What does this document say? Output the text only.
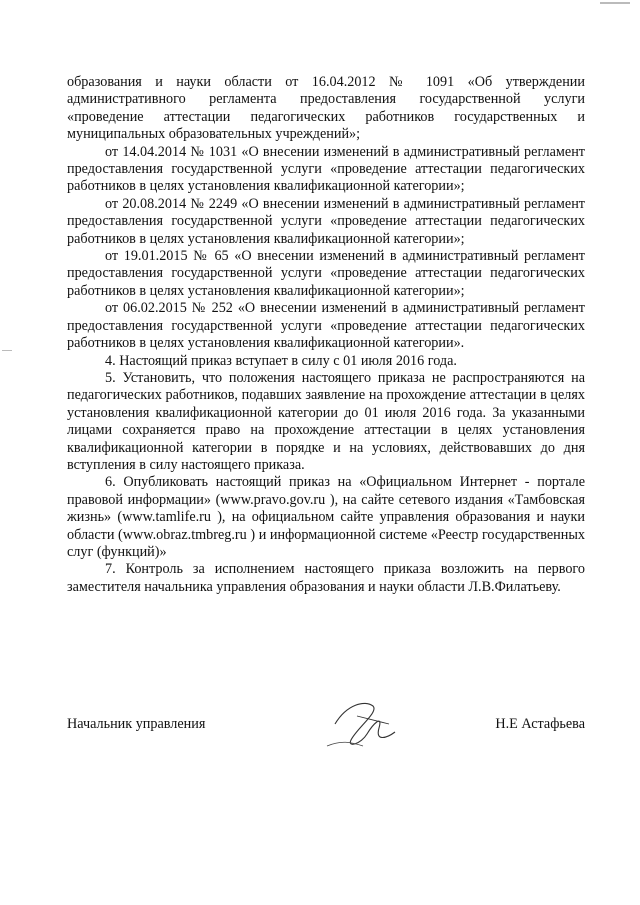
образования и науки области от 16.04.2012 № 1091 «Об утверждении административного регламента предоставления государственной услуги «проведение аттестации педагогических работников государственных и муниципальных образовательных учреждений»;

от 14.04.2014 № 1031 «О внесении изменений в административный регламент предоставления государственной услуги «проведение аттестации педагогических работников в целях установления квалификационной категории»;

от 20.08.2014 № 2249 «О внесении изменений в административный регламент предоставления государственной услуги «проведение аттестации педагогических работников в целях установления квалификационной категории»;

от 19.01.2015 № 65 «О внесении изменений в административный регламент предоставления государственной услуги «проведение аттестации педагогических работников в целях установления квалификационной категории»;

от 06.02.2015 № 252 «О внесении изменений в административный регламент предоставления государственной услуги «проведение аттестации педагогических работников в целях установления квалификационной категории».

4. Настоящий приказ вступает в силу с 01 июля 2016 года.

5. Установить, что положения настоящего приказа не распространяются на педагогических работников, подавших заявление на прохождение аттестации в целях установления квалификационной категории до 01 июля 2016 года. За указанными лицами сохраняется право на прохождение аттестации в целях установления квалификационной категории в порядке и на условиях, действовавших до дня вступления в силу настоящего приказа.

6. Опубликовать настоящий приказ на «Официальном Интернет - портале правовой информации» (www.pravo.gov.ru ), на сайте сетевого издания «Тамбовская жизнь» (www.tamlife.ru ), на официальном сайте управления образования и науки области (www.obraz.tmbreg.ru ) и информационной системе «Реестр государственных слуг (функций)»

7. Контроль за исполнением настоящего приказа возложить на первого заместителя начальника управления образования и науки области Л.В.Филатьеву.

Начальник управления	Н.Е Астафьева
